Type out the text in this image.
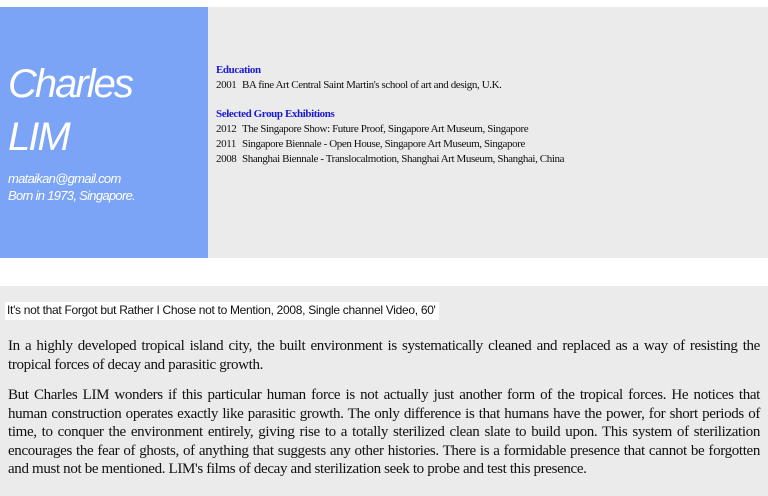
Charles
LIM
mataikan@gmail.com
Born in 1973, Singapore.
Education
2001 BA fine Art Central Saint Martin's school of art and design, U.K.
Selected Group Exhibitions
2012 The Singapore Show: Future Proof, Singapore Art Museum, Singapore
2011 Singapore Biennale - Open House, Singapore Art Museum, Singapore
2008 Shanghai Biennale - Translocalmotion, Shanghai Art Museum, Shanghai, China
It's not that Forgot but Rather I Chose not to Mention, 2008, Single channel Video, 60'

In a highly developed tropical island city, the built environment is systematically cleaned and replaced as a way of resisting the tropical forces of decay and parasitic growth.

But Charles LIM wonders if this particular human force is not actually just another form of the tropical forces. He notices that human construction operates exactly like parasitic growth. The only difference is that humans have the power, for short periods of time, to conquer the environment entirely, giving rise to a totally sterilized clean slate to build upon. This system of sterilization encourages the fear of ghosts, of anything that suggests any other histories. There is a formidable presence that cannot be forgotten and must not be mentioned. LIM's films of decay and sterilization seek to probe and test this presence.
